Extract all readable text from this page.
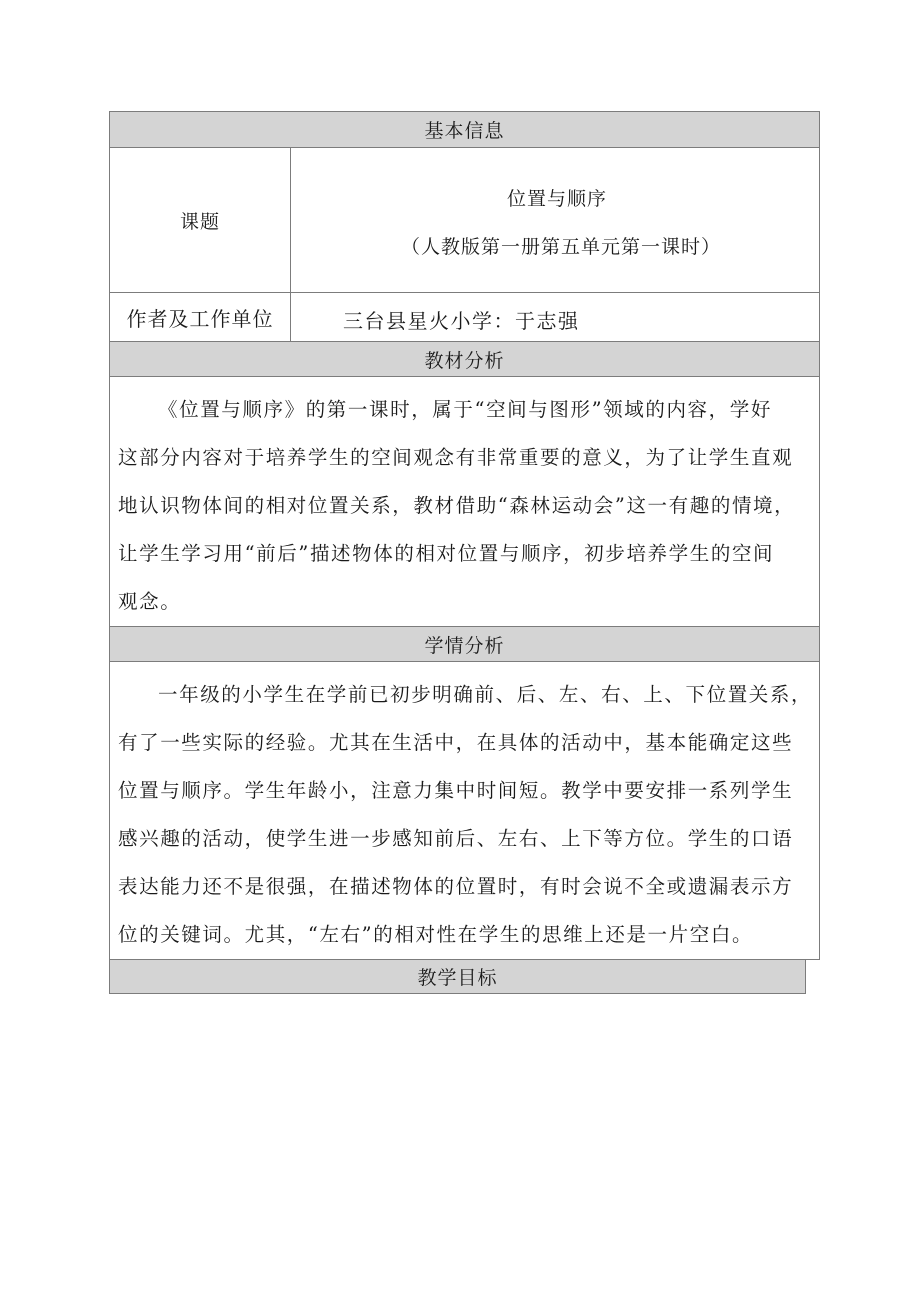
基本信息
课题
位置与顺序
（人教版第一册第五单元第一课时）
作者及工作单位	三台县星火小学：于志强
教材分析
《位置与顺序》的第一课时，属于“空间与图形”领域的内容，学好
这部分内容对于培养学生的空间观念有非常重要的意义，为了让学生直观
地认识物体间的相对位置关系，教材借助“森林运动会”这一有趣的情境，
让学生学习用“前后”描述物体的相对位置与顺序，初步培养学生的空间
观念。
学情分析
一年级的小学生在学前已初步明确前、后、左、右、上、下位置关系，
有了一些实际的经验。尤其在生活中，在具体的活动中，基本能确定这些
位置与顺序。学生年龄小，注意力集中时间短。教学中要安排一系列学生
感兴趣的活动，使学生进一步感知前后、左右、上下等方位。学生的口语
表达能力还不是很强，在描述物体的位置时，有时会说不全或遗漏表示方
位的关键词。尤其，“左右”的相对性在学生的思维上还是一片空白。
教学目标
